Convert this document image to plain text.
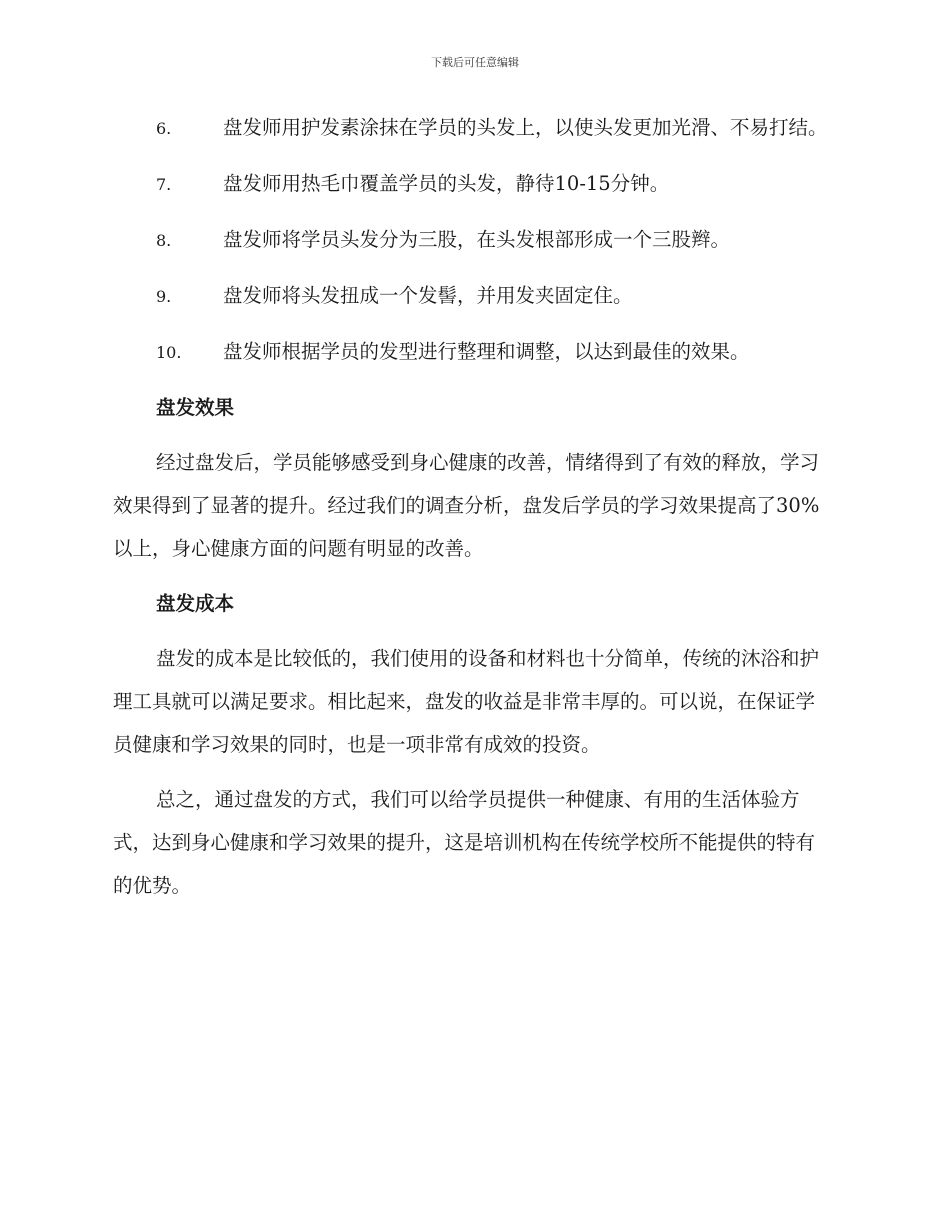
下载后可任意编辑

6.	盘发师用护发素涂抹在学员的头发上，以使头发更加光滑、不易打结。

7.	盘发师用热毛巾覆盖学员的头发，静待10-15分钟。

8.	盘发师将学员头发分为三股，在头发根部形成一个三股辫。

9.	盘发师将头发扭成一个发髻，并用发夹固定住。

10. 盘发师根据学员的发型进行整理和调整，以达到最佳的效果。

盘发效果

经过盘发后，学员能够感受到身心健康的改善，情绪得到了有效的释放，学习效果得到了显著的提升。经过我们的调查分析，盘发后学员的学习效果提高了30%以上，身心健康方面的问题有明显的改善。

盘发成本

盘发的成本是比较低的，我们使用的设备和材料也十分简单，传统的沐浴和护理工具就可以满足要求。相比起来，盘发的收益是非常丰厚的。可以说，在保证学员健康和学习效果的同时，也是一项非常有成效的投资。

总之，通过盘发的方式，我们可以给学员提供一种健康、有用的生活体验方式，达到身心健康和学习效果的提升，这是培训机构在传统学校所不能提供的特有的优势。
